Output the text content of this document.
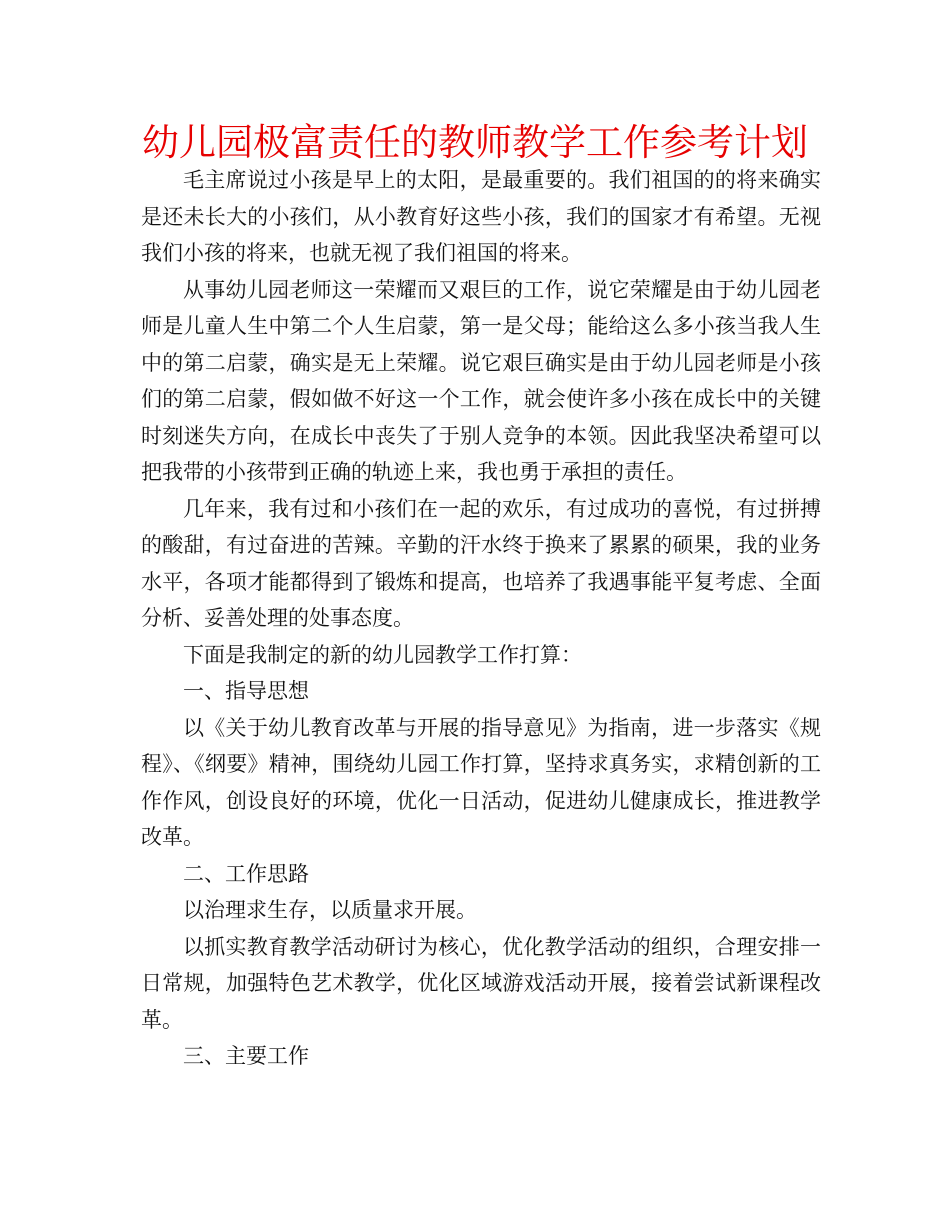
幼儿园极富责任的教师教学工作参考计划

毛主席说过小孩是早上的太阳，是最重要的。我们祖国的的将来确实是还未长大的小孩们，从小教育好这些小孩，我们的国家才有希望。无视我们小孩的将来，也就无视了我们祖国的将来。

从事幼儿园老师这一荣耀而又艰巨的工作，说它荣耀是由于幼儿园老师是儿童人生中第二个人生启蒙，第一是父母；能给这么多小孩当我人生中的第二启蒙，确实是无上荣耀。说它艰巨确实是由于幼儿园老师是小孩们的第二启蒙，假如做不好这一个工作，就会使许多小孩在成长中的关键时刻迷失方向，在成长中丧失了于别人竞争的本领。因此我坚决希望可以把我带的小孩带到正确的轨迹上来，我也勇于承担的责任。

几年来，我有过和小孩们在一起的欢乐，有过成功的喜悦，有过拼搏的酸甜，有过奋进的苦辣。辛勤的汗水终于换来了累累的硕果，我的业务水平，各项才能都得到了锻炼和提高，也培养了我遇事能平复考虑、全面分析、妥善处理的处事态度。

下面是我制定的新的幼儿园教学工作打算：

一、指导思想

以《关于幼儿教育改革与开展的指导意见》为指南，进一步落实《规程》、《纲要》精神，围绕幼儿园工作打算，坚持求真务实，求精创新的工作作风，创设良好的环境，优化一日活动，促进幼儿健康成长，推进教学改革。

二、工作思路

以治理求生存，以质量求开展。

以抓实教育教学活动研讨为核心，优化教学活动的组织，合理安排一日常规，加强特色艺术教学，优化区域游戏活动开展，接着尝试新课程改革。

三、主要工作
